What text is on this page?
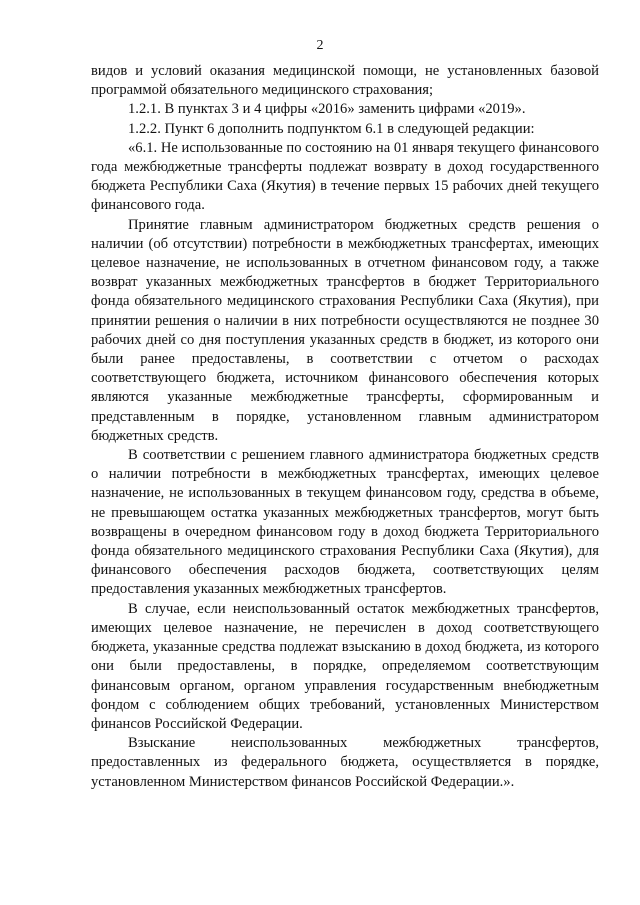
2

видов и условий оказания медицинской помощи, не установленных базовой программой обязательного медицинского страхования;

1.2.1. В пунктах 3 и 4 цифры «2016» заменить цифрами «2019».

1.2.2. Пункт 6 дополнить подпунктом 6.1 в следующей редакции:

«6.1. Не использованные по состоянию на 01 января текущего финансового года межбюджетные трансферты подлежат возврату в доход государственного бюджета Республики Саха (Якутия) в течение первых 15 рабочих дней текущего финансового года.

Принятие главным администратором бюджетных средств решения о наличии (об отсутствии) потребности в межбюджетных трансфертах, имеющих целевое назначение, не использованных в отчетном финансовом году, а также возврат указанных межбюджетных трансфертов в бюджет Территориального фонда обязательного медицинского страхования Республики Саха (Якутия), при принятии решения о наличии в них потребности осуществляются не позднее 30 рабочих дней со дня поступления указанных средств в бюджет, из которого они были ранее предоставлены, в соответствии с отчетом о расходах соответствующего бюджета, источником финансового обеспечения которых являются указанные межбюджетные трансферты, сформированным и представленным в порядке, установленном главным администратором бюджетных средств.

В соответствии с решением главного администратора бюджетных средств о наличии потребности в межбюджетных трансфертах, имеющих целевое назначение, не использованных в текущем финансовом году, средства в объеме, не превышающем остатка указанных межбюджетных трансфертов, могут быть возвращены в очередном финансовом году в доход бюджета Территориального фонда обязательного медицинского страхования Республики Саха (Якутия), для финансового обеспечения расходов бюджета, соответствующих целям предоставления указанных межбюджетных трансфертов.

В случае, если неиспользованный остаток межбюджетных трансфертов, имеющих целевое назначение, не перечислен в доход соответствующего бюджета, указанные средства подлежат взысканию в доход бюджета, из которого они были предоставлены, в порядке, определяемом соответствующим финансовым органом, органом управления государственным внебюджетным фондом с соблюдением общих требований, установленных Министерством финансов Российской Федерации.

Взыскание неиспользованных межбюджетных трансфертов, предоставленных из федерального бюджета, осуществляется в порядке, установленном Министерством финансов Российской Федерации.».
